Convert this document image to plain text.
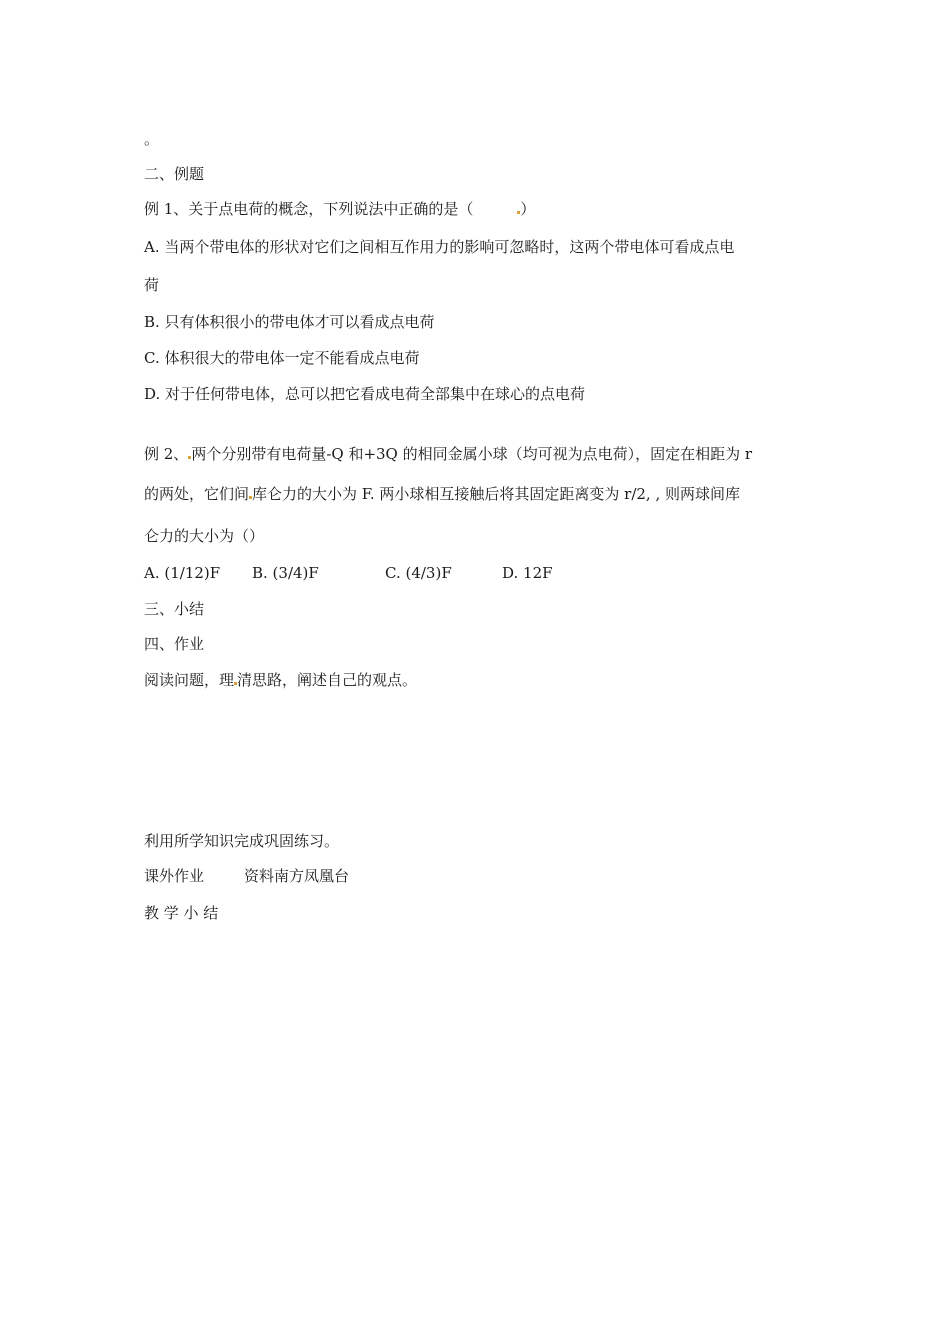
。
二、例题
例 1、关于点电荷的概念，下列说法中正确的是（	）
A. 当两个带电体的形状对它们之间相互作用力的影响可忽略时，这两个带电体可看成点电
荷
B. 只有体积很小的带电体才可以看成点电荷
C. 体积很大的带电体一定不能看成点电荷
D. 对于任何带电体，总可以把它看成电荷全部集中在球心的点电荷
例 2、 两个分别带有电荷量-Q 和+3Q 的相同金属小球（均可视为点电荷），固定在相距为 r
的两处，它们间 库仑力的大小为 F. 两小球相互接触后将其固定距离变为 r/2, , 则两球间库
仑力的大小为（）
A. (1/12)F B. (3/4)F	C. (4/3)F	D. 12F
三、小结
四、作业
阅读问题，理 清思路，阐述自己的观点。
利用所学知识完成巩固练习。
课外作业	资料南方凤凰台
教 学 小 结
